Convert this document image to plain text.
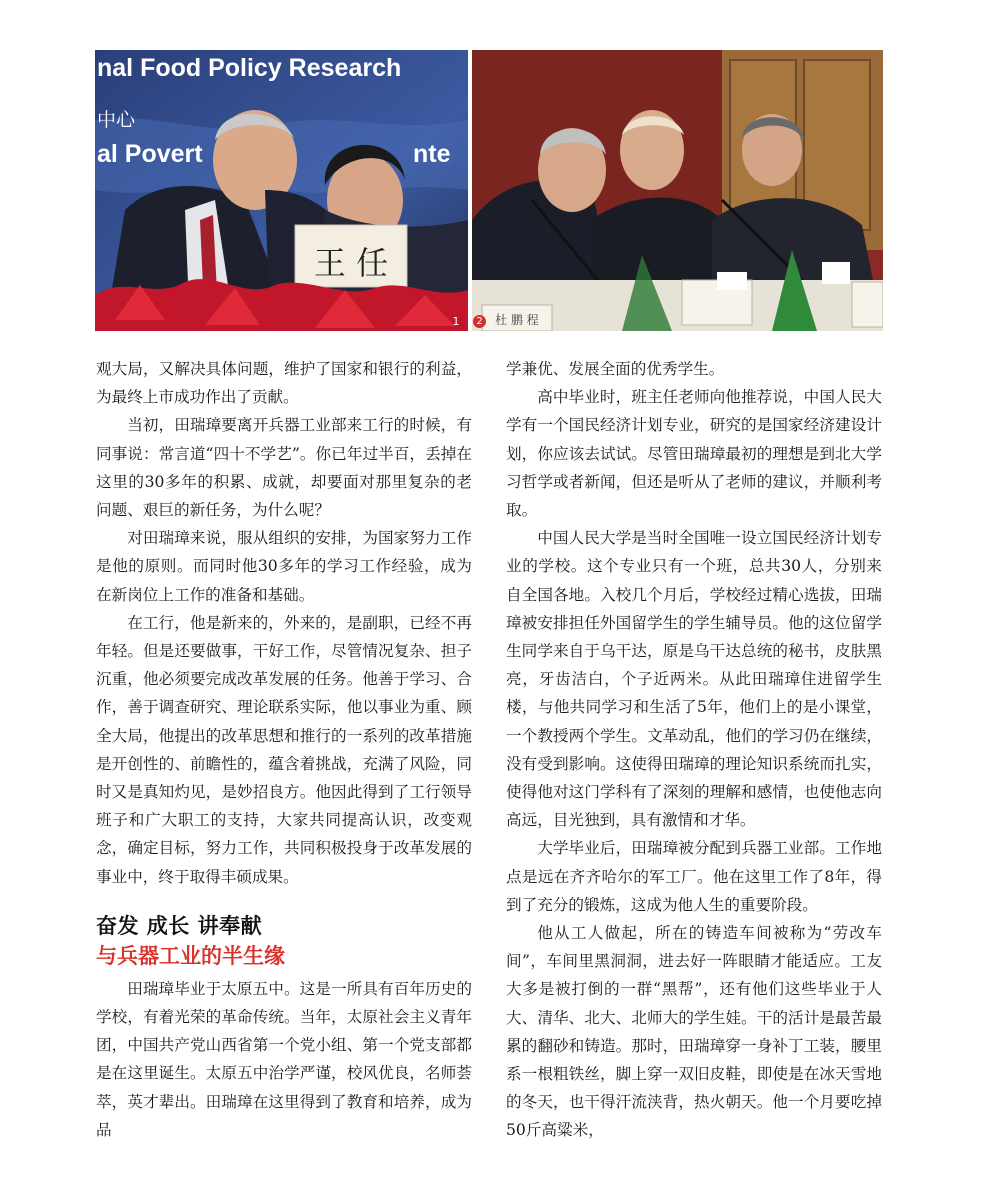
nal Food Policy Research
中心
al Povert	nte
王 任
杜 鹏 程
1	2

观大局，又解决具体问题，维护了国家和银行的利益，为最终上市成功作出了贡献。

当初，田瑞璋要离开兵器工业部来工行的时候，有同事说：常言道“四十不学艺”。你已年过半百，丢掉在这里的30多年的积累、成就，却要面对那里复杂的老问题、艰巨的新任务，为什么呢？

对田瑞璋来说，服从组织的安排，为国家努力工作是他的原则。而同时他30多年的学习工作经验，成为在新岗位上工作的准备和基础。

在工行，他是新来的，外来的，是副职，已经不再年轻。但是还要做事，干好工作，尽管情况复杂、担子沉重，他必须要完成改革发展的任务。他善于学习、合作，善于调查研究、理论联系实际，他以事业为重、顾全大局，他提出的改革思想和推行的一系列的改革措施是开创性的、前瞻性的，蕴含着挑战，充满了风险，同时又是真知灼见，是妙招良方。他因此得到了工行领导班子和广大职工的支持，大家共同提高认识，改变观念，确定目标，努力工作，共同积极投身于改革发展的事业中，终于取得丰硕成果。

奋发 成长 讲奉献
与兵器工业的半生缘

田瑞璋毕业于太原五中。这是一所具有百年历史的学校，有着光荣的革命传统。当年，太原社会主义青年团，中国共产党山西省第一个党小组、第一个党支部都是在这里诞生。太原五中治学严谨，校风优良，名师荟萃，英才辈出。田瑞璋在这里得到了教育和培养，成为品

学兼优、发展全面的优秀学生。

高中毕业时，班主任老师向他推荐说，中国人民大学有一个国民经济计划专业，研究的是国家经济建设计划，你应该去试试。尽管田瑞璋最初的理想是到北大学习哲学或者新闻，但还是听从了老师的建议，并顺利考取。

中国人民大学是当时全国唯一设立国民经济计划专业的学校。这个专业只有一个班，总共30人，分别来自全国各地。入校几个月后，学校经过精心选拔，田瑞璋被安排担任外国留学生的学生辅导员。他的这位留学生同学来自于乌干达，原是乌干达总统的秘书，皮肤黑亮，牙齿洁白，个子近两米。从此田瑞璋住进留学生楼，与他共同学习和生活了5年，他们上的是小课堂，一个教授两个学生。文革动乱，他们的学习仍在继续，没有受到影响。这使得田瑞璋的理论知识系统而扎实，使得他对这门学科有了深刻的理解和感情，也使他志向高远，目光独到，具有激情和才华。

大学毕业后，田瑞璋被分配到兵器工业部。工作地点是远在齐齐哈尔的军工厂。他在这里工作了8年，得到了充分的锻炼，这成为他人生的重要阶段。

他从工人做起，所在的铸造车间被称为“劳改车间”，车间里黑洞洞，进去好一阵眼睛才能适应。工友大多是被打倒的一群“黑帮”，还有他们这些毕业于人大、清华、北大、北师大的学生娃。干的活计是最苦最累的翻砂和铸造。那时，田瑞璋穿一身补丁工装，腰里系一根粗铁丝，脚上穿一双旧皮鞋，即使是在冰天雪地的冬天，也干得汗流浃背，热火朝天。他一个月要吃掉50斤高粱米，
